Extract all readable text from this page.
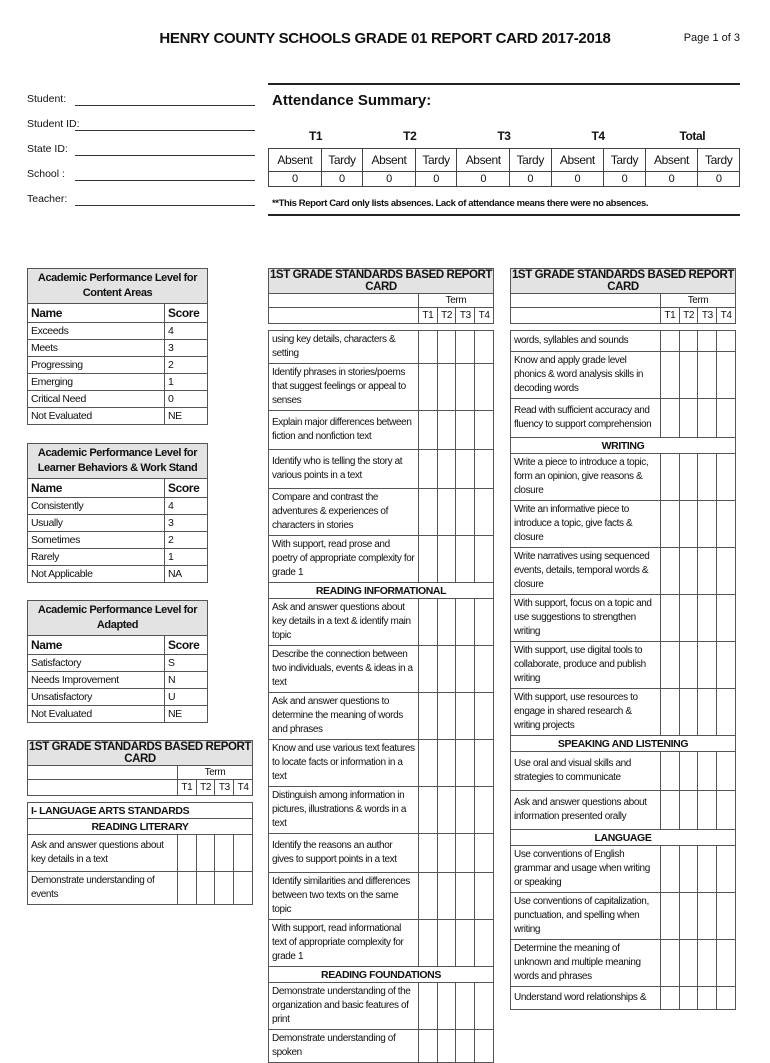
HENRY COUNTY SCHOOLS GRADE 01 REPORT CARD 2017-2018	Page 1 of 3
Student:
Student ID:
State ID:
School :
Teacher:
Attendance Summary:
T1		T2		T3		T4		Total	
Absent	Tardy	Absent	Tardy	Absent	Tardy	Absent	Tardy	Absent	Tardy
0	0	0	0	0	0	0	0	0	0
**This Report Card only lists absences. Lack of attendance means there were no absences.
Academic Performance Level for Content Areas	
Name	Score
Exceeds	4
Meets	3
Progressing	2
Emerging	1
Critical Need	0
Not Evaluated	NE
Academic Performance Level for Learner Behaviors & Work Stand	
Name	Score
Consistently	4
Usually	3
Sometimes	2
Rarely	1
Not Applicable	NA
Academic Performance Level for Adapted	
Name	Score
Satisfactory	S
Needs Improvement	N
Unsatisfactory	U
Not Evaluated	NE
1ST GRADE STANDARDS BASED REPORT CARD				
	Term			
	T1	T2	T3	T4

I- LANGUAGE ARTS STANDARDS				
READING LITERARY				
Ask and answer questions about key details in a text				
Demonstrate understanding of events				
1ST GRADE STANDARDS BASED REPORT CARD				
	Term			
	T1	T2	T3	T4

using key details, characters & setting				
Identify phrases in stories/poems that suggest feelings or appeal to senses				
Explain major differences between fiction and nonfiction text				
Identify who is telling the story at various points in a text				
Compare and contrast the adventures & experiences of characters in stories				
With support, read prose and poetry of appropriate complexity for grade 1				
READING INFORMATIONAL				
Ask and answer questions about key details in a text & identify main topic				
Describe the connection between two individuals, events & ideas in a text				
Ask and answer questions to determine the meaning of words and phrases				
Know and use various text features to locate facts or information in a text				
Distinguish among information in pictures, illustrations & words in a text				
Identify the reasons an author gives to support points in a text				
Identify similarities and differences between two texts on the same topic				
With support, read informational text of appropriate complexity for grade 1				
READING FOUNDATIONS				
Demonstrate understanding of the organization and basic features of print				
Demonstrate understanding of spoken				
1ST GRADE STANDARDS BASED REPORT CARD				
	Term			
	T1	T2	T3	T4

words, syllables and sounds				
Know and apply grade level phonics & word analysis skills in decoding words				
Read with sufficient accuracy and fluency to support comprehension				
WRITING				
Write a piece to introduce a topic, form an opinion, give reasons & closure				
Write an informative piece to introduce a topic, give facts & closure				
Write narratives using sequenced events, details, temporal words & closure				
With support, focus on a topic and use suggestions to strengthen writing				
With support, use digital tools to collaborate, produce and publish writing				
With support, use resources to engage in shared research & writing projects				
SPEAKING AND LISTENING				
Use oral and visual skills and strategies to communicate				
Ask and answer questions about information presented orally				
LANGUAGE				
Use conventions of English grammar and usage when writing or speaking				
Use conventions of capitalization, punctuation, and spelling when writing				
Determine the meaning of unknown and multiple meaning words and phrases				
Understand word relationships &				
